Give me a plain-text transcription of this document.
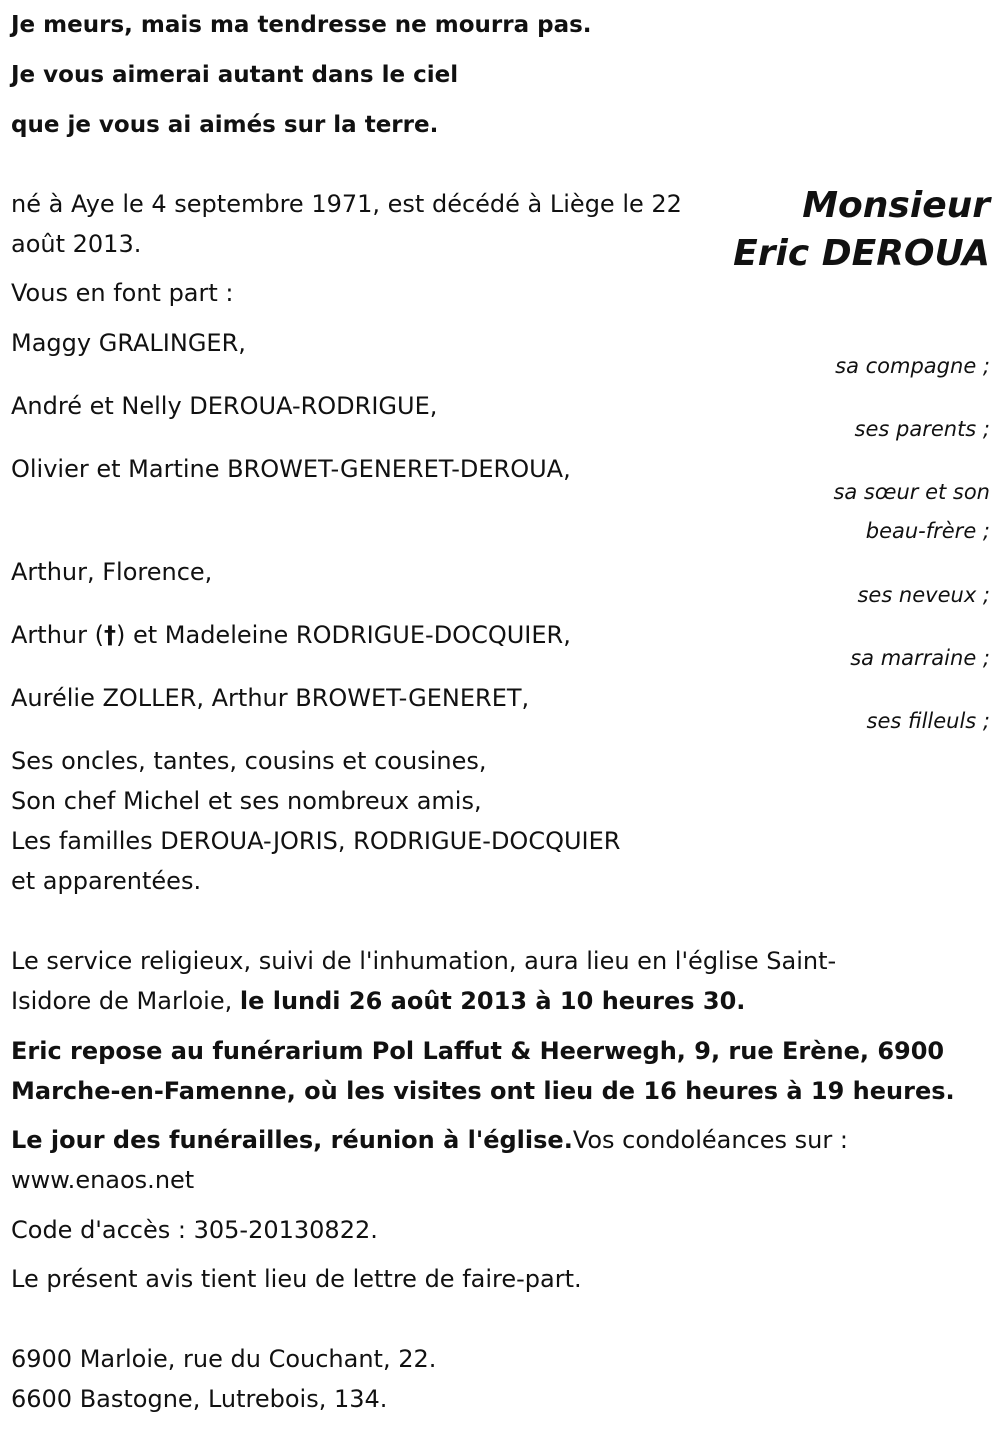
Je meurs, mais ma tendresse ne mourra pas.
Je vous aimerai autant dans le ciel
que je vous ai aimés sur la terre.
Monsieur
Eric DEROUA
né à Aye le 4 septembre 1971, est décédé à Liège le 22
août 2013.
Vous en font part :
Maggy GRALINGER,
sa compagne ;
André et Nelly DEROUA-RODRIGUE,
ses parents ;
Olivier et Martine BROWET-GENERET-DEROUA,
sa sœur et son
beau-frère ;
Arthur, Florence,
ses neveux ;
Arthur (†) et Madeleine RODRIGUE-DOCQUIER,
sa marraine ;
Aurélie ZOLLER, Arthur BROWET-GENERET,
ses filleuls ;
Ses oncles, tantes, cousins et cousines,
Son chef Michel et ses nombreux amis,
Les familles DEROUA-JORIS, RODRIGUE-DOCQUIER
et apparentées.
Le service religieux, suivi de l'inhumation, aura lieu en l'église Saint-
Isidore de Marloie, le lundi 26 août 2013 à 10 heures 30.
Eric repose au funérarium Pol Laffut & Heerwegh, 9, rue Erène, 6900
Marche-en-Famenne, où les visites ont lieu de 16 heures à 19 heures.
Le jour des funérailles, réunion à l'église.Vos condoléances sur :
www.enaos.net
Code d'accès : 305-20130822.
Le présent avis tient lieu de lettre de faire-part.
6900 Marloie, rue du Couchant, 22.
6600 Bastogne, Lutrebois, 134.
